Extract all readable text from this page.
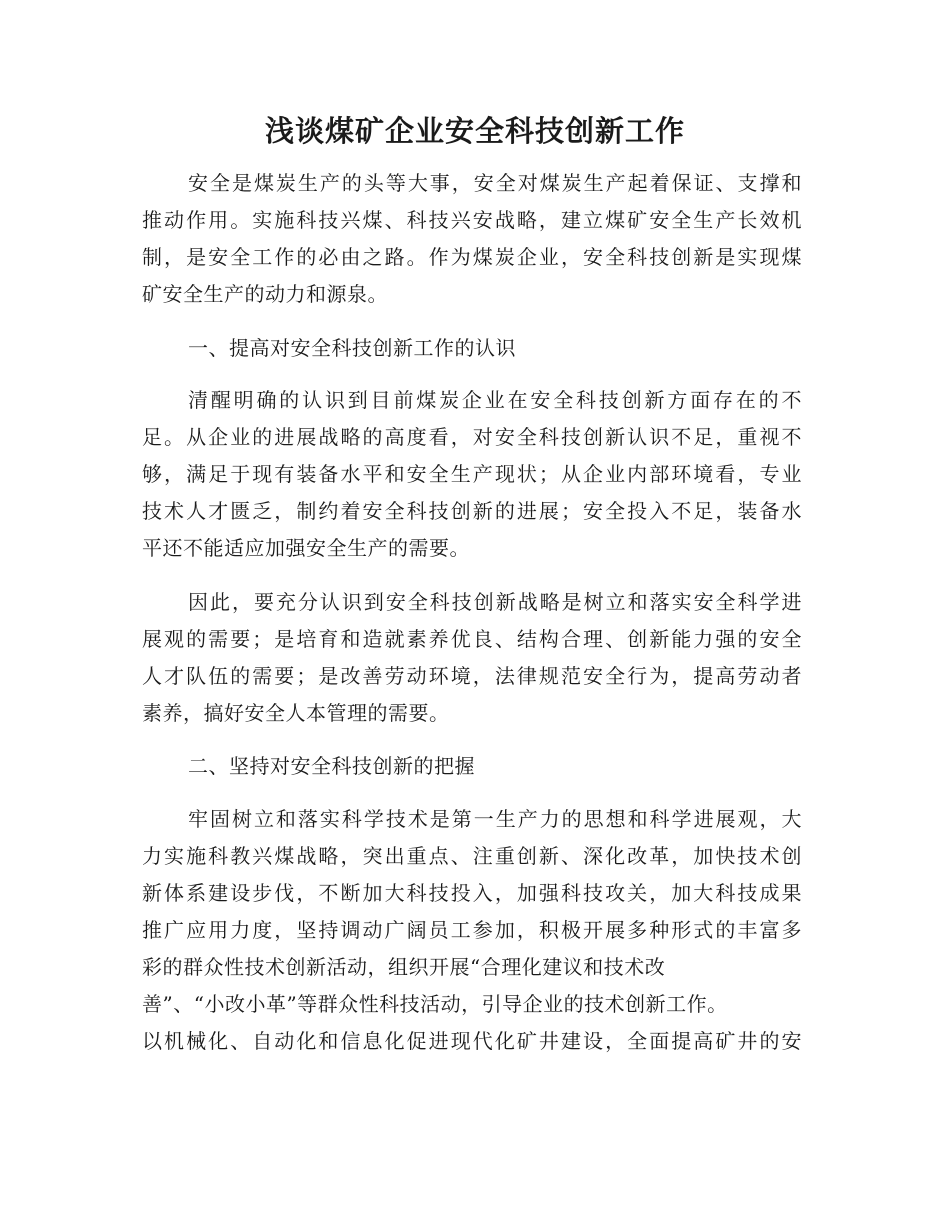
浅谈煤矿企业安全科技创新工作
安全是煤炭生产的头等大事，安全对煤炭生产起着保证、支撑和
推动作用。实施科技兴煤、科技兴安战略，建立煤矿安全生产长效机
制，是安全工作的必由之路。作为煤炭企业，安全科技创新是实现煤
矿安全生产的动力和源泉。
一、提高对安全科技创新工作的认识
清醒明确的认识到目前煤炭企业在安全科技创新方面存在的不
足。从企业的进展战略的高度看，对安全科技创新认识不足，重视不
够，满足于现有装备水平和安全生产现状；从企业内部环境看，专业
技术人才匮乏，制约着安全科技创新的进展；安全投入不足，装备水
平还不能适应加强安全生产的需要。
因此，要充分认识到安全科技创新战略是树立和落实安全科学进
展观的需要；是培育和造就素养优良、结构合理、创新能力强的安全
人才队伍的需要；是改善劳动环境，法律规范安全行为，提高劳动者
素养，搞好安全人本管理的需要。
二、坚持对安全科技创新的把握
牢固树立和落实科学技术是第一生产力的思想和科学进展观，大
力实施科教兴煤战略，突出重点、注重创新、深化改革，加快技术创
新体系建设步伐，不断加大科技投入，加强科技攻关，加大科技成果
推广应用力度，坚持调动广阔员工参加，积极开展多种形式的丰富多
彩的群众性技术创新活动，组织开展“合理化建议和技术改
善”、“小改小革”等群众性科技活动，引导企业的技术创新工作。
以机械化、自动化和信息化促进现代化矿井建设，全面提高矿井的安
